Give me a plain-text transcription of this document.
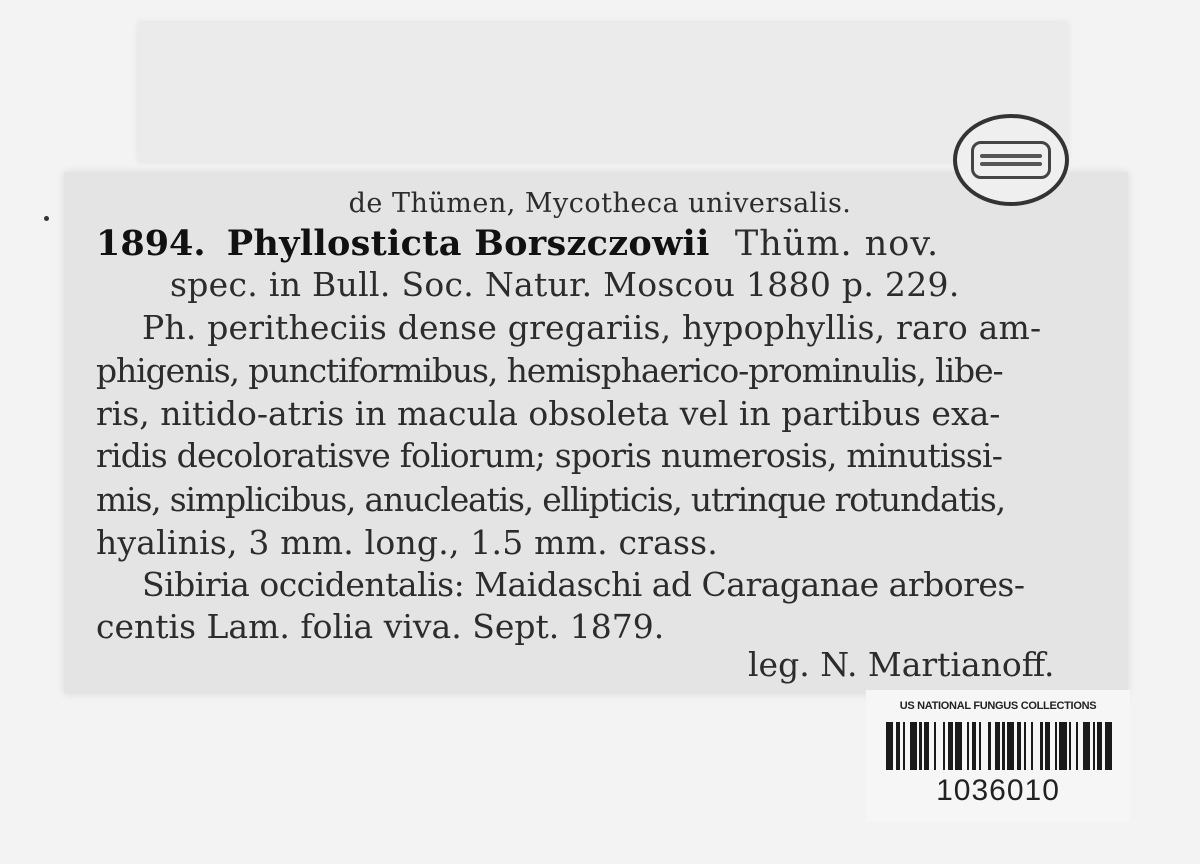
de Thümen, Mycotheca universalis.
1894. Phyllosticta Borszczowii Thüm. nov.
spec. in Bull. Soc. Natur. Moscou 1880 p. 229.
Ph. peritheciis dense gregariis, hypophyllis, raro am-
phigenis, punctiformibus, hemisphaerico-prominulis, libe-
ris, nitido-atris in macula obsoleta vel in partibus exa-
ridis decoloratisve foliorum; sporis numerosis, minutissi-
mis, simplicibus, anucleatis, ellipticis, utrinque rotundatis,
hyalinis, 3 mm. long., 1.5 mm. crass.
Sibiria occidentalis: Maidaschi ad Caraganae arbores-
centis Lam. folia viva. Sept. 1879.
leg. N. Martianoff.
US NATIONAL FUNGUS COLLECTIONS
1036010
